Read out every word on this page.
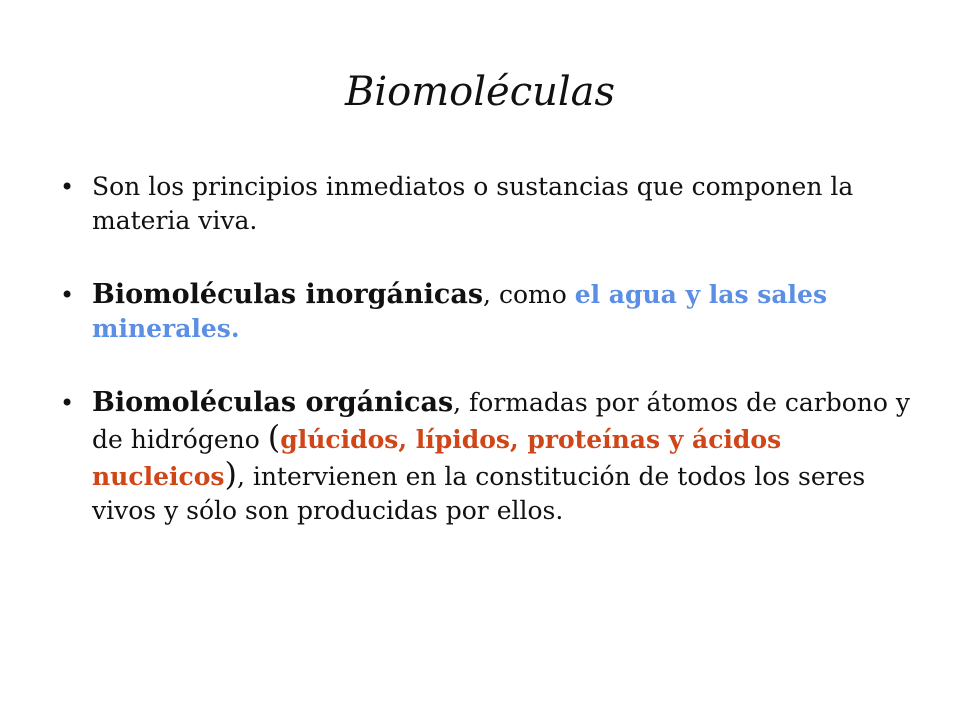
Biomoléculas
• Son los principios inmediatos o sustancias que componen la materia viva.
• Biomoléculas inorgánicas, como el agua y las sales minerales.
• Biomoléculas orgánicas, formadas por átomos de carbono y de hidrógeno (glúcidos, lípidos, proteínas y ácidos nucleicos), intervienen en la constitución de todos los seres vivos y sólo son producidas por ellos.
